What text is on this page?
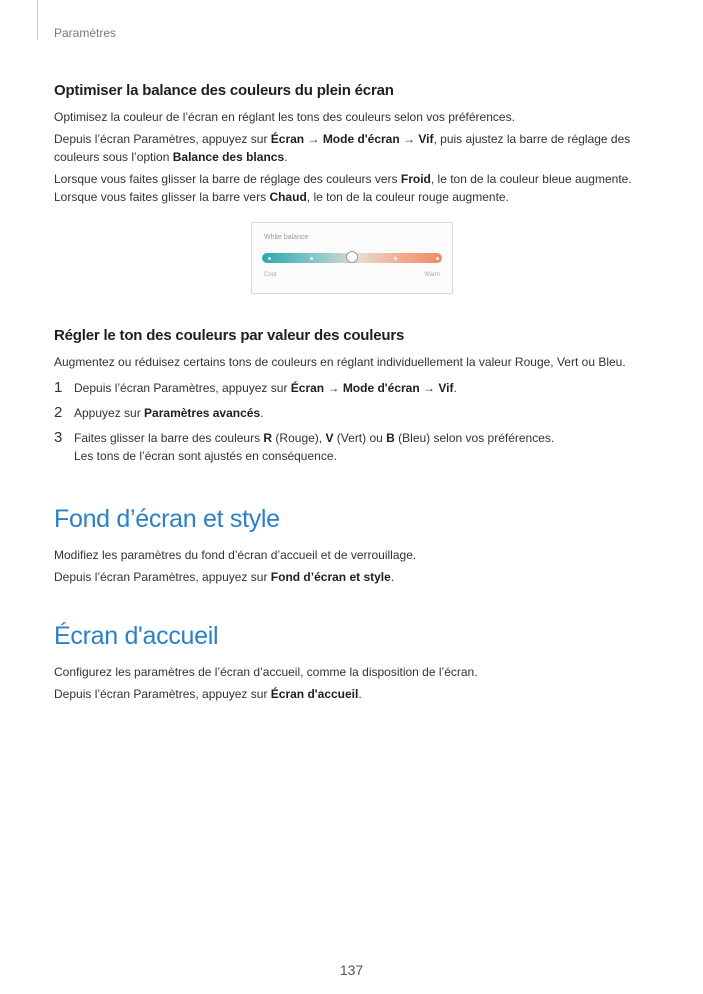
Paramètres
Optimiser la balance des couleurs du plein écran

Optimisez la couleur de l’écran en réglant les tons des couleurs selon vos préférences.

Depuis l’écran Paramètres, appuyez sur Écran → Mode d'écran → Vif, puis ajustez la barre de réglage des couleurs sous l’option Balance des blancs.

Lorsque vous faites glisser la barre de réglage des couleurs vers Froid, le ton de la couleur bleue augmente.
Lorsque vous faites glisser la barre vers Chaud, le ton de la couleur rouge augmente.

White balance
Cool	Warm
Régler le ton des couleurs par valeur des couleurs

Augmentez ou réduisez certains tons de couleurs en réglant individuellement la valeur Rouge, Vert ou Bleu.

1 Depuis l’écran Paramètres, appuyez sur Écran → Mode d'écran → Vif.
2 Appuyez sur Paramètres avancés.
3 Faites glisser la barre des couleurs R (Rouge), V (Vert) ou B (Bleu) selon vos préférences.
Les tons de l’écran sont ajustés en conséquence.
Fond d’écran et style

Modifiez les paramètres du fond d’écran d’accueil et de verrouillage.

Depuis l’écran Paramètres, appuyez sur Fond d’écran et style.

Écran d'accueil

Configurez les paramètres de l’écran d’accueil, comme la disposition de l’écran.

Depuis l’écran Paramètres, appuyez sur Écran d'accueil.

137
